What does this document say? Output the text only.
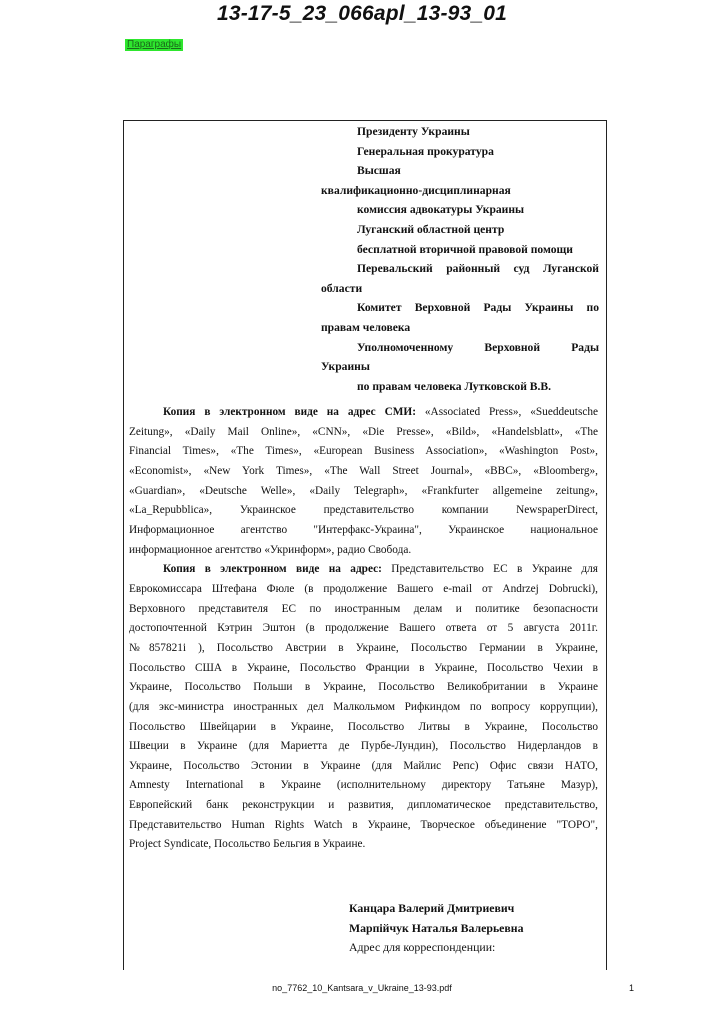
13-17-5_23_066apl_13-93_01
Параграфы
Президенту Украины
Генеральная прокуратура
Высшая
квалификационно-дисциплинарная
комиссия адвокатуры Украины
Луганский областной центр
бесплатной вторичной правовой помощи
Перевальский районный суд Луганской
области
Комитет Верховной Рады Украины по
правам человека
Уполномоченному Верховной Рады
Украины
по правам человека Лутковской В.В.
Копия в электронном виде на адрес СМИ: «Associated Press», «Sueddeutsche
Zeitung», «Daily Mail Online», «CNN», «Die Presse», «Bild», «Handelsblatt», «The
Financial Times», «The Times», «European Business Association», «Washington Post»,
«Economist», «New York Times», «The Wall Street Journal», «BBC», «Bloomberg»,
«Guardian», «Deutsche Welle», «Daily Telegraph», «Frankfurter allgemeine zeitung»,
«La_Repubblica», Украинское представительство компании NewspaperDirect,
Информационное агентство "Интерфакс-Украина", Украинское национальное
информационное агентство «Укринформ», радио Свобода.
Копия в электронном виде на адрес: Представительство ЕС в Украине для
Еврокомиссара Штефана Фюле (в продолжение Вашего e-mail от Andrzej Dobrucki),
Верховного представителя ЕС по иностранным делам и политике безопасности
достопочтенной Кэтрин Эштон (в продолжение Вашего ответа от 5 августа 2011г.
№857821i ), Посольство Австрии в Украине, Посольство Германии в Украине,
Посольство США в Украине, Посольство Франции в Украине, Посольство Чехии в
Украине, Посольство Польши в Украине, Посольство Великобритании в Украине
(для экс-министра иностранных дел Малкольмом Рифкиндом по вопросу коррупции),
Посольство Швейцарии в Украине, Посольство Литвы в Украине, Посольство
Швеции в Украине (для Мариетта де Пурбе-Лундин), Посольство Нидерландов в
Украине, Посольство Эстонии в Украине (для Майлис Репс) Офис связи НАТО,
Amnesty International в Украине (исполнительному директору Татьяне Мазур),
Европейский банк реконструкции и развития, дипломатическое представительство,
Представительство Human Rights Watch в Украине, Творческое объединение "ТОРО",
Project Syndicate, Посольство Бельгия в Украине.
Канцара Валерий Дмитриевич
Марпійчук Наталья Валерьевна
Адрес для корреспонденции:
no_7762_10_Kantsara_v_Ukraine_13-93.pdf	1
